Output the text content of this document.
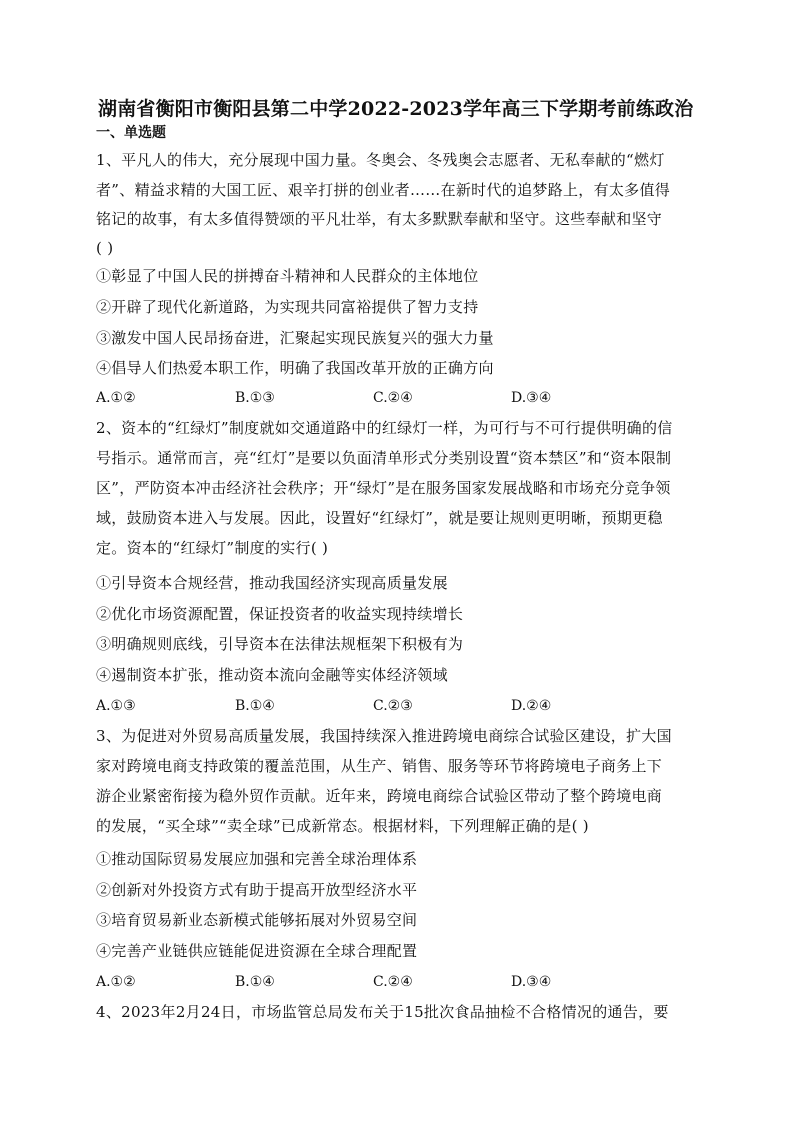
湖南省衡阳市衡阳县第二中学2022-2023学年高三下学期考前练政治
一、单选题
1、平凡人的伟大，充分展现中国力量。冬奥会、冬残奥会志愿者、无私奉献的“燃灯
者”、精益求精的大国工匠、艰辛打拼的创业者……在新时代的追梦路上，有太多值得
铭记的故事，有太多值得赞颂的平凡壮举，有太多默默奉献和坚守。这些奉献和坚守
( )
①彰显了中国人民的拼搏奋斗精神和人民群众的主体地位
②开辟了现代化新道路，为实现共同富裕提供了智力支持
③激发中国人民昂扬奋进，汇聚起实现民族复兴的强大力量
④倡导人们热爱本职工作，明确了我国改革开放的正确方向
A.①②	B.①③	C.②④	D.③④
2、资本的“红绿灯”制度就如交通道路中的红绿灯一样，为可行与不可行提供明确的信
号指示。通常而言，亮“红灯”是要以负面清单形式分类别设置“资本禁区”和“资本限制
区”，严防资本冲击经济社会秩序；开“绿灯”是在服务国家发展战略和市场充分竞争领
域，鼓励资本进入与发展。因此，设置好“红绿灯”，就是要让规则更明晰，预期更稳
定。资本的“红绿灯”制度的实行( )
①引导资本合规经营，推动我国经济实现高质量发展
②优化市场资源配置，保证投资者的收益实现持续增长
③明确规则底线，引导资本在法律法规框架下积极有为
④遏制资本扩张，推动资本流向金融等实体经济领域
A.①③	B.①④	C.②③	D.②④
3、为促进对外贸易高质量发展，我国持续深入推进跨境电商综合试验区建设，扩大国
家对跨境电商支持政策的覆盖范围，从生产、销售、服务等环节将跨境电子商务上下
游企业紧密衔接为稳外贸作贡献。近年来，跨境电商综合试验区带动了整个跨境电商
的发展，“买全球”“卖全球”已成新常态。根据材料，下列理解正确的是( )
①推动国际贸易发展应加强和完善全球治理体系
②创新对外投资方式有助于提高开放型经济水平
③培育贸易新业态新模式能够拓展对外贸易空间
④完善产业链供应链能促进资源在全球合理配置
A.①②	B.①④	C.②④	D.③④
4、2023年2月24日，市场监管总局发布关于15批次食品抽检不合格情况的通告，要
